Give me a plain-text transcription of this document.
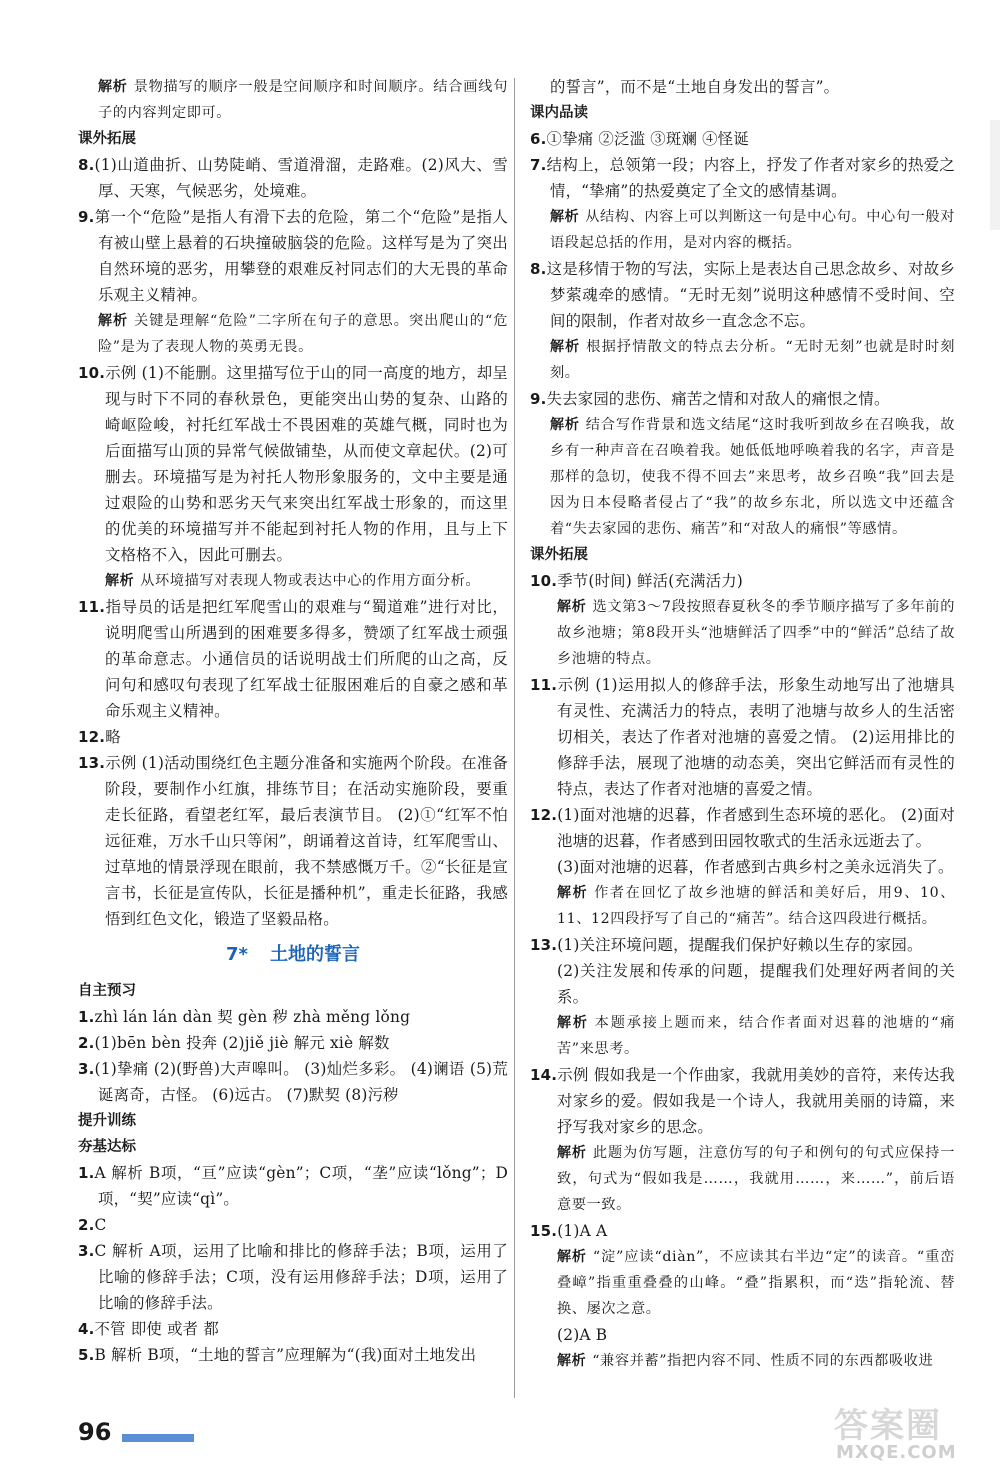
解析 景物描写的顺序一般是空间顺序和时间顺序。结合画线句子的内容判定即可。

课外拓展

8.(1)山道曲折、山势陡峭、雪道滑溜，走路难。(2)风大、雪厚、天寒，气候恶劣，处境难。

9.第一个“危险”是指人有滑下去的危险，第二个“危险”是指人有被山壁上悬着的石块撞破脑袋的危险。这样写是为了突出自然环境的恶劣，用攀登的艰难反衬同志们的大无畏的革命乐观主义精神。

解析 关键是理解“危险”二字所在句子的意思。突出爬山的“危险”是为了表现人物的英勇无畏。

10.示例 (1)不能删。这里描写位于山的同一高度的地方，却呈现与时下不同的春秋景色，更能突出山势的复杂、山路的崎岖险峻，衬托红军战士不畏困难的英雄气概，同时也为后面描写山顶的异常气候做铺垫，从而使文章起伏。(2)可删去。环境描写是为衬托人物形象服务的，文中主要是通过艰险的山势和恶劣天气来突出红军战士形象的，而这里的优美的环境描写并不能起到衬托人物的作用，且与上下文格格不入，因此可删去。

解析 从环境描写对表现人物或表达中心的作用方面分析。

11.指导员的话是把红军爬雪山的艰难与“蜀道难”进行对比，说明爬雪山所遇到的困难要多得多，赞颂了红军战士顽强的革命意志。小通信员的话说明战士们所爬的山之高，反问句和感叹句表现了红军战士征服困难后的自豪之感和革命乐观主义精神。

12.略

13.示例 (1)活动围绕红色主题分准备和实施两个阶段。在准备阶段，要制作小红旗，排练节目；在活动实施阶段，要重走长征路，看望老红军，最后表演节目。 (2)①“红军不怕远征难，万水千山只等闲”，朗诵着这首诗，红军爬雪山、过草地的情景浮现在眼前，我不禁感慨万千。②“长征是宣言书，长征是宣传队，长征是播种机”，重走长征路，我感悟到红色文化，锻造了坚毅品格。

7* 土地的誓言

自主预习

1.zhì lán lán dàn 契 gèn 秽 zhà měng lǒng

2.(1)bēn bèn 投奔 (2)jiě jiè 解元 xiè 解数

3.(1)挚痛 (2)(野兽)大声嗥叫。 (3)灿烂多彩。 (4)谰语 (5)荒诞离奇，古怪。 (6)远古。 (7)默契 (8)污秽

提升训练

夯基达标

1.A 解析 B项，“亘”应读“gèn”；C项，“垄”应读“lǒng”；D项，“契”应读“qì”。

2.C

3.C 解析 A项，运用了比喻和排比的修辞手法；B项，运用了比喻的修辞手法；C项，没有运用修辞手法；D项，运用了比喻的修辞手法。

4.不管 即使 或者 都

5.B 解析 B项，“土地的誓言”应理解为“(我)面对土地发出

的誓言”，而不是“土地自身发出的誓言”。

课内品读

6.①挚痛 ②泛滥 ③斑斓 ④怪诞

7.结构上，总领第一段；内容上，抒发了作者对家乡的热爱之情，“挚痛”的热爱奠定了全文的感情基调。

解析 从结构、内容上可以判断这一句是中心句。中心句一般对语段起总括的作用，是对内容的概括。

8.这是移情于物的写法，实际上是表达自己思念故乡、对故乡梦萦魂牵的感情。“无时无刻”说明这种感情不受时间、空间的限制，作者对故乡一直念念不忘。

解析 根据抒情散文的特点去分析。“无时无刻”也就是时时刻刻。

9.失去家园的悲伤、痛苦之情和对敌人的痛恨之情。

解析 结合写作背景和选文结尾“这时我听到故乡在召唤我，故乡有一种声音在召唤着我。她低低地呼唤着我的名字，声音是那样的急切，使我不得不回去”来思考，故乡召唤“我”回去是因为日本侵略者侵占了“我”的故乡东北，所以选文中还蕴含着“失去家园的悲伤、痛苦”和“对敌人的痛恨”等感情。

课外拓展

10.季节(时间) 鲜活(充满活力)

解析 选文第3～7段按照春夏秋冬的季节顺序描写了多年前的故乡池塘；第8段开头“池塘鲜活了四季”中的“鲜活”总结了故乡池塘的特点。

11.示例 (1)运用拟人的修辞手法，形象生动地写出了池塘具有灵性、充满活力的特点，表明了池塘与故乡人的生活密切相关，表达了作者对池塘的喜爱之情。 (2)运用排比的修辞手法，展现了池塘的动态美，突出它鲜活而有灵性的特点，表达了作者对池塘的喜爱之情。

12.(1)面对池塘的迟暮，作者感到生态环境的恶化。 (2)面对池塘的迟暮，作者感到田园牧歌式的生活永远逝去了。

(3)面对池塘的迟暮，作者感到古典乡村之美永远消失了。

解析 作者在回忆了故乡池塘的鲜活和美好后，用9、10、11、12四段抒写了自己的“痛苦”。结合这四段进行概括。

13.(1)关注环境问题，提醒我们保护好赖以生存的家园。

(2)关注发展和传承的问题，提醒我们处理好两者间的关系。

解析 本题承接上题而来，结合作者面对迟暮的池塘的“痛苦”来思考。

14.示例 假如我是一个作曲家，我就用美妙的音符，来传达我对家乡的爱。假如我是一个诗人，我就用美丽的诗篇，来抒写我对家乡的思念。

解析 此题为仿写题，注意仿写的句子和例句的句式应保持一致，句式为“假如我是……，我就用……，来……”，前后语意要一致。

15.(1)A A

解析 “淀”应读“diàn”，不应读其右半边“定”的读音。“重峦叠嶂”指重重叠叠的山峰。“叠”指累积，而“迭”指轮流、替换、屡次之意。

(2)A B

解析 “兼容并蓄”指把内容不同、性质不同的东西都吸收进

96	答案圈
MXQE.COM
